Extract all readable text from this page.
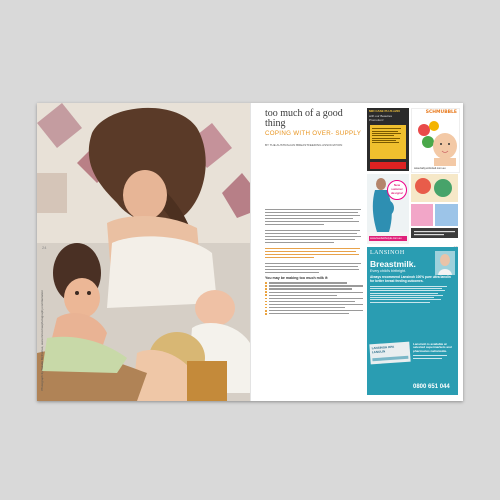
Photograph by Natalie McComas, www.mccomasphotography.com/lactation
24
too much of a good thing
COPING WITH OVER- SUPPLY
BY THE AUSTRALIAN BREASTFEEDING ASSOCIATION
You may be making too much milk if:
MID CASE PLUS £200
with our Beauties Promotion!
SCHMUBBLE
www.babyunlimited.com.au
New
summer
designs!
www.feedwithstyle.com.au
LANSINOH
Breastmilk.
Every child's birthright.
Always recommend Lansinoh 100% pure ultra lanolin for better breast feeding outcomes.
LANSINOH HPA LANOLIN
Lansinoh is available at selected supermarkets and pharmacies nationwide.
0800 651 044
